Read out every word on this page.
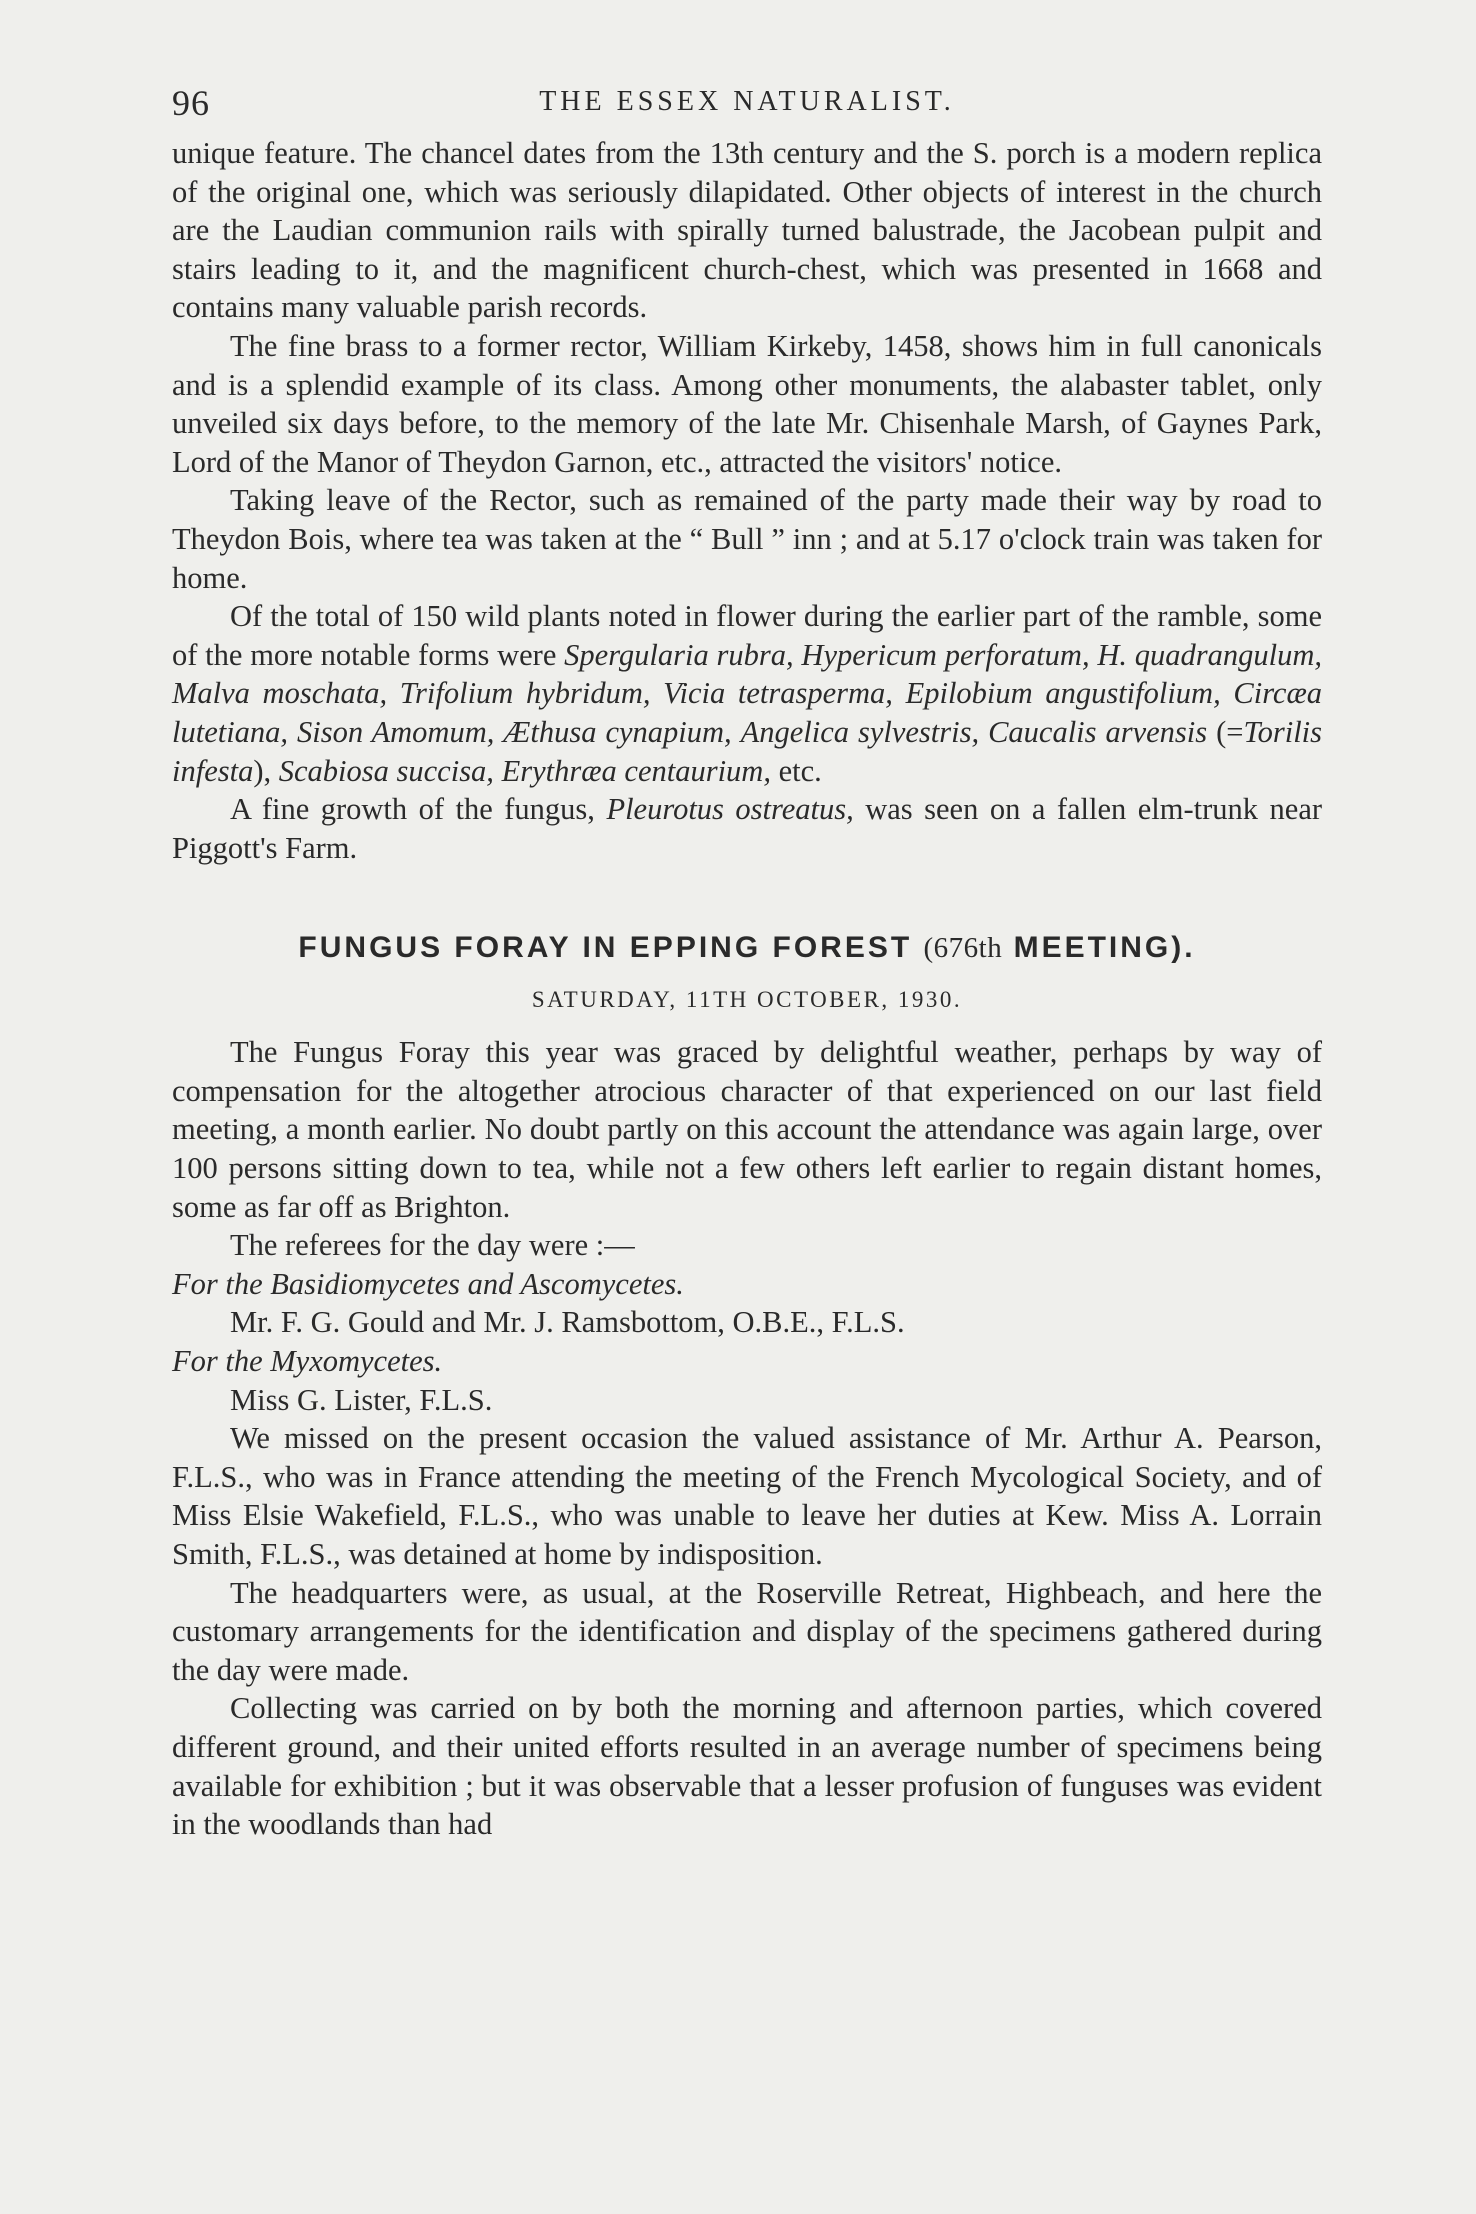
96	THE ESSEX NATURALIST.

unique feature. The chancel dates from the 13th century and the S. porch is a modern replica of the original one, which was seriously dilapidated. Other objects of interest in the church are the Laudian communion rails with spirally turned balustrade, the Jacobean pulpit and stairs leading to it, and the magnificent church-chest, which was presented in 1668 and contains many valuable parish records.

The fine brass to a former rector, William Kirkeby, 1458, shows him in full canonicals and is a splendid example of its class. Among other monuments, the alabaster tablet, only unveiled six days before, to the memory of the late Mr. Chisenhale Marsh, of Gaynes Park, Lord of the Manor of Theydon Garnon, etc., attracted the visitors' notice.

Taking leave of the Rector, such as remained of the party made their way by road to Theydon Bois, where tea was taken at the “ Bull ” inn ; and at 5.17 o'clock train was taken for home.

Of the total of 150 wild plants noted in flower during the earlier part of the ramble, some of the more notable forms were Spergularia rubra, Hypericum perforatum, H. quadrangulum, Malva moschata, Trifolium hybridum, Vicia tetrasperma, Epilobium angustifolium, Circæa lutetiana, Sison Amomum, Æthusa cynapium, Angelica sylvestris, Caucalis arvensis (=Torilis infesta), Scabiosa succisa, Erythræa centaurium, etc.

A fine growth of the fungus, Pleurotus ostreatus, was seen on a fallen elm-trunk near Piggott's Farm.

FUNGUS FORAY IN EPPING FOREST (676th MEETING).
SATURDAY, 11TH OCTOBER, 1930.

The Fungus Foray this year was graced by delightful weather, perhaps by way of compensation for the altogether atrocious character of that experienced on our last field meeting, a month earlier. No doubt partly on this account the attendance was again large, over 100 persons sitting down to tea, while not a few others left earlier to regain distant homes, some as far off as Brighton.

The referees for the day were :—

For the Basidiomycetes and Ascomycetes.

Mr. F. G. Gould and Mr. J. Ramsbottom, O.B.E., F.L.S.

For the Myxomycetes.

Miss G. Lister, F.L.S.

We missed on the present occasion the valued assistance of Mr. Arthur A. Pearson, F.L.S., who was in France attending the meeting of the French Mycological Society, and of Miss Elsie Wakefield, F.L.S., who was unable to leave her duties at Kew. Miss A. Lorrain Smith, F.L.S., was detained at home by indisposition.

The headquarters were, as usual, at the Roserville Retreat, Highbeach, and here the customary arrangements for the identification and display of the specimens gathered during the day were made.

Collecting was carried on by both the morning and afternoon parties, which covered different ground, and their united efforts resulted in an average number of specimens being available for exhibition ; but it was observable that a lesser profusion of funguses was evident in the woodlands than had
